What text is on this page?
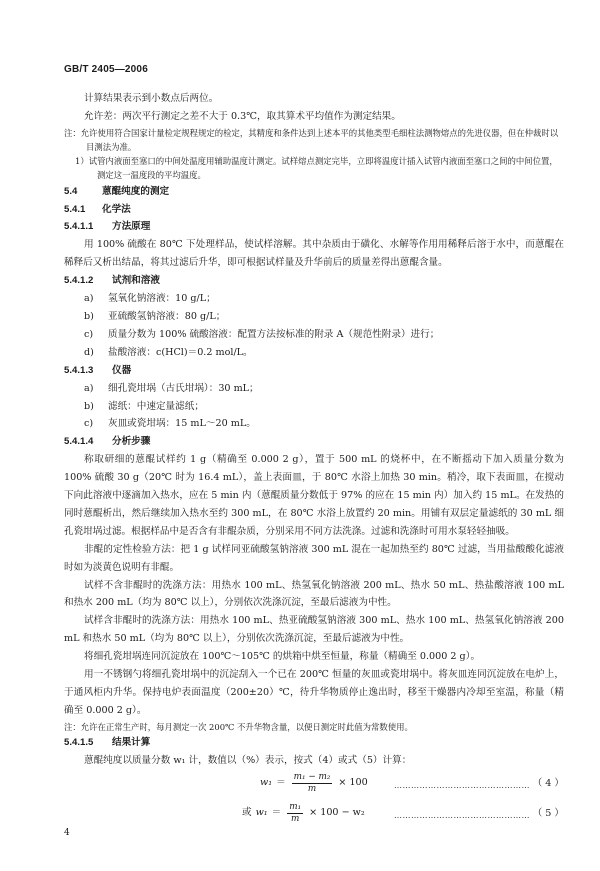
GB/T 2405—2006

计算结果表示到小数点后两位。

允许差：两次平行测定之差不大于 0.3℃，取其算术平均值作为测定结果。

注：允许使用符合国家计量检定规程规定的检定，其精度和条件达到上述本平的其他类型毛细柱法测物熔点的先进仪器，但在仲裁时以目测法为准。

1）试管内液面至塞口的中间处温度用辅助温度计测定。试样熔点测定完毕，立即将温度计插入试管内液面至塞口之间的中间位置，测定这一温度段的平均温度。

5.4	蒽醌纯度的测定

5.4.1 化学法

5.4.1.1 方法原理

用 100% 硫酸在 80℃ 下处理样品，使试样溶解。其中杂质由于磺化、水解等作用用稀释后溶于水中，而蒽醌在稀释后又析出结晶，将其过滤后升华，即可根据试样量及升华前后的质量差得出蒽醌含量。

5.4.1.2 试剂和溶液

a) 氢氧化钠溶液：10 g/L；

b) 亚硫酸氢钠溶液：80 g/L；

c) 质量分数为 100% 硫酸溶液：配置方法按标准的附录 A（规范性附录）进行；

d) 盐酸溶液：c(HCl)＝0.2 mol/L。

5.4.1.3 仪器

a) 细孔瓷坩埚（古氏坩埚）：30 mL；

b) 滤纸：中速定量滤纸；

c) 灰皿或瓷坩埚：15 mL～20 mL。

5.4.1.4 分析步骤

称取研细的蒽醌试样约 1 g（精确至 0.000 2 g），置于 500 mL 的烧杯中，在不断摇动下加入质量分数为 100% 硫酸 30 g（20℃ 时为 16.4 mL），盖上表面皿，于 80℃ 水浴上加热 30 min。稍冷，取下表面皿，在搅动下向此溶液中逐滴加入热水，应在 5 min 内（蒽醌质量分数低于 97% 的应在 15 min 内）加入约 15 mL。在发热的同时蒽醌析出，然后继续加入热水至约 300 mL，在 80℃ 水浴上放置约 20 min。用铺有双层定量滤纸的 30 mL 细孔瓷坩埚过滤。根据样品中是否含有非醌杂质，分别采用不同方法洗涤。过滤和洗涤时可用水泵轻轻抽吸。

非醌的定性检验方法：把 1 g 试样同亚硫酸氢钠溶液 300 mL 混在一起加热至约 80℃ 过滤，当用盐酸酸化滤液时如为淡黄色说明有非醌。

试样不含非醌时的洗涤方法：用热水 100 mL、热氢氧化钠溶液 200 mL、热水 50 mL、热盐酸溶液 100 mL 和热水 200 mL（均为 80℃ 以上），分别依次洗涤沉淀，至最后滤液为中性。

试样含非醌时的洗涤方法：用热水 100 mL、热亚硫酸氢钠溶液 300 mL、热水 100 mL、热氢氧化钠溶液 200 mL 和热水 50 mL（均为 80℃ 以上），分别依次洗涤沉淀，至最后滤液为中性。

将细孔瓷坩埚连同沉淀放在 100℃～105℃ 的烘箱中烘至恒量，称量（精确至 0.000 2 g）。

用一不锈钢勺将细孔瓷坩埚中的沉淀刮入一个已在 200℃ 恒量的灰皿或瓷坩埚中。将灰皿连同沉淀放在电炉上，于通风柜内升华。保持电炉表面温度（200±20）℃，待升华物质停止逸出时，移至干燥器内冷却至室温，称量（精确至 0.000 2 g）。

注：允许在正常生产时，每月测定一次 200℃ 不升华物含量，以便日测定时此值为常数使用。

5.4.1.5 结果计算

蒽醌纯度以质量分数 w₁ 计，数值以（%）表示，按式（4）或式（5）计算：

$w_1 = \frac{\text{m₁ − m₂}}{m} \times 100$	………………………………………… （ 4 ）
或 $w_1 = \frac{\text{m₁}}{m} \times 100 - w_2$	………………………………………… （ 5 ）
4
